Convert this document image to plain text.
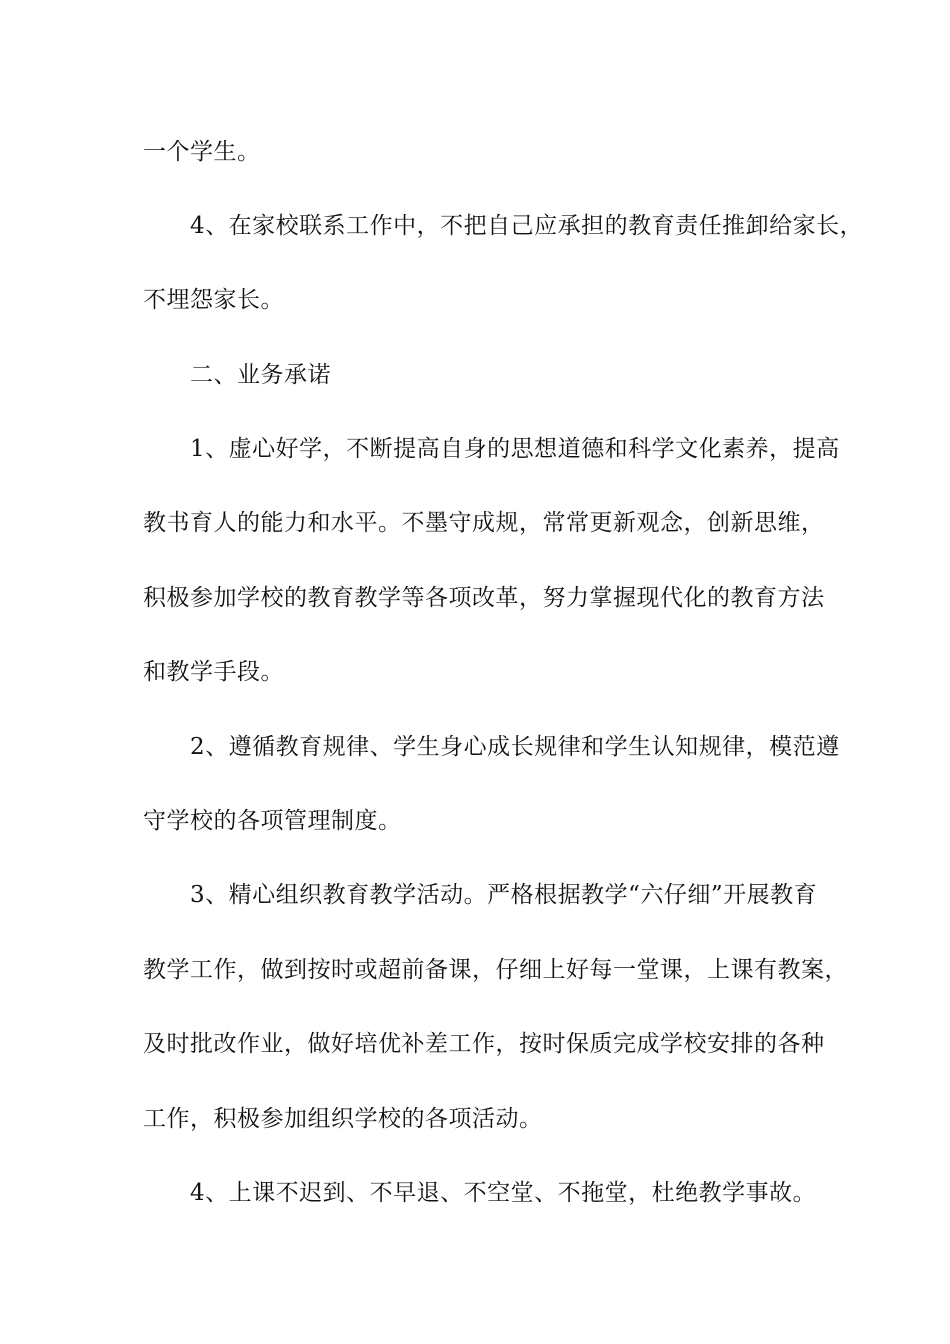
一个学生。
4、在家校联系工作中，不把自己应承担的教育责任推卸给家长，
不埋怨家长。
二、业务承诺
1、虚心好学，不断提高自身的思想道德和科学文化素养，提高
教书育人的能力和水平。不墨守成规，常常更新观念，创新思维，
积极参加学校的教育教学等各项改革，努力掌握现代化的教育方法
和教学手段。
2、遵循教育规律、学生身心成长规律和学生认知规律，模范遵
守学校的各项管理制度。
3、精心组织教育教学活动。严格根据教学“六仔细”开展教育
教学工作，做到按时或超前备课，仔细上好每一堂课，上课有教案，
及时批改作业，做好培优补差工作，按时保质完成学校安排的各种
工作，积极参加组织学校的各项活动。
4、上课不迟到、不早退、不空堂、不拖堂，杜绝教学事故。
